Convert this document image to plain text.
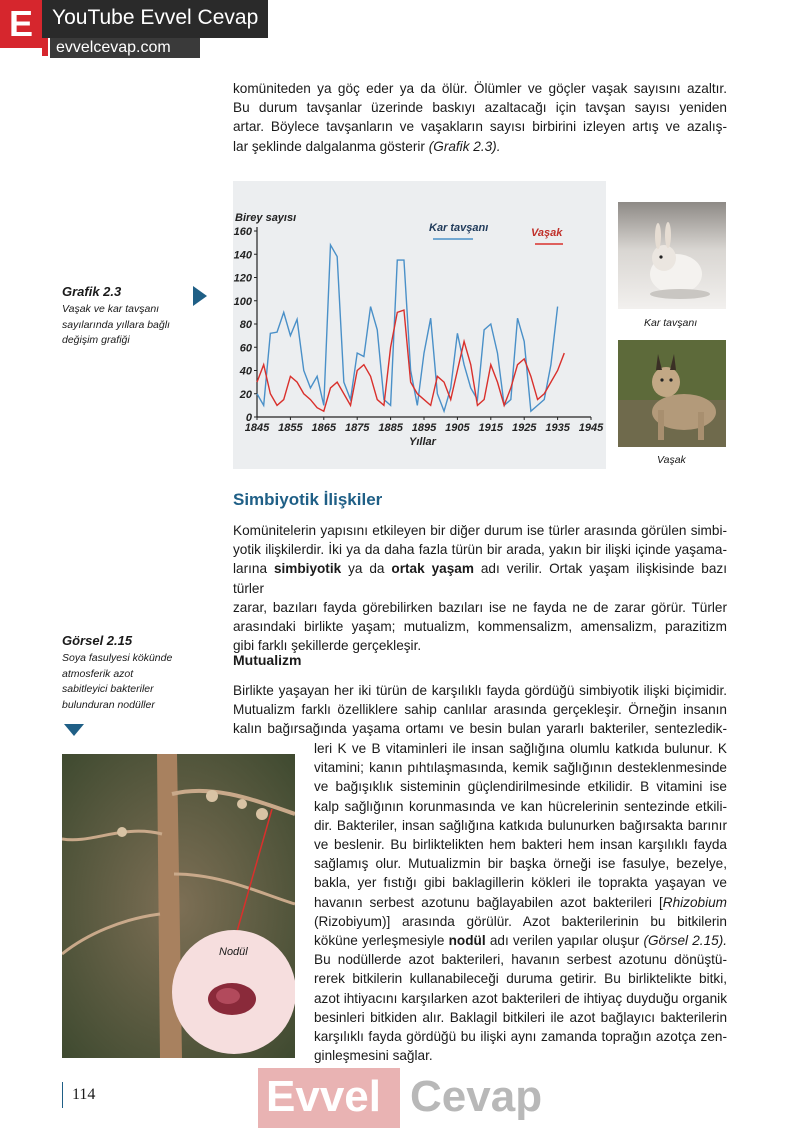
E YouTube Evvel Cevap
evvelcevap.com
komüniteden ya göç eder ya da ölür. Ölümler ve göçler vaşak sayısını azaltır.
Bu durum tavşanlar üzerinde baskıyı azaltacağı için tavşan sayısı yeniden
artar. Böylece tavşanların ve vaşakların sayısı birbirini izleyen artış ve azalış-
lar şeklinde dalgalanma gösterir (Grafik 2.3).
Grafik 2.3
Vaşak ve kar tavşanı
sayılarında yıllara bağlı
değişim grafiği
0
20
40
60
80
100
120
140
160
1845 1855 1865 1875 1885 1895 1905 1915 1925 1935 1945
Birey sayısı
Yıllar
Kar tavşanı	Vaşak
Kar tavşanı
Vaşak
Simbiyotik İlişkiler
Komünitelerin yapısını etkileyen bir diğer durum ise türler arasında görülen simbi-
yotik ilişkilerdir. İki ya da daha fazla türün bir arada, yakın bir ilişki içinde yaşama-
larına simbiyotik ya da ortak yaşam adı verilir. Ortak yaşam ilişkisinde bazı türler
zarar, bazıları fayda görebilirken bazıları ise ne fayda ne de zarar görür. Türler
arasındaki birlikte yaşam; mutualizm, kommensalizm, amensalizm, parazitizm
gibi farklı şekillerde gerçekleşir.
Mutualizm
Görsel 2.15
Soya fasulyesi kökünde
atmosferik azot
sabitleyici bakteriler
bulunduran nodüller
Birlikte yaşayan her iki türün de karşılıklı fayda gördüğü simbiyotik ilişki biçimidir.
Mutualizm farklı özelliklere sahip canlılar arasında gerçekleşir. Örneğin insanın
kalın bağırsağında yaşama ortamı ve besin bulan yararlı bakteriler, sentezledik-
leri K ve B vitaminleri ile insan sağlığına olumlu katkıda bulunur. K
vitamini; kanın pıhtılaşmasında, kemik sağlığının desteklenmesinde
ve bağışıklık sisteminin güçlendirilmesinde etkilidir. B vitamini ise
kalp sağlığının korunmasında ve kan hücrelerinin sentezinde etkili-
dir. Bakteriler, insan sağlığına katkıda bulunurken bağırsakta barınır
ve beslenir. Bu birliktelikten hem bakteri hem insan karşılıklı fayda
sağlamış olur. Mutualizmin bir başka örneği ise fasulye, bezelye,
bakla, yer fıstığı gibi baklagillerin kökleri ile toprakta yaşayan ve
havanın serbest azotunu bağlayabilen azot bakterileri [Rhizobium
(Rizobiyum)] arasında görülür. Azot bakterilerinin bu bitkilerin
köküne yerleşmesiyle nodül adı verilen yapılar oluşur (Görsel 2.15).
Bu nodüllerde azot bakterileri, havanın serbest azotunu dönüştü-
rerek bitkilerin kullanabileceği duruma getirir. Bu birliktelikte bitki,
azot ihtiyacını karşılarken azot bakterileri de ihtiyaç duyduğu organik
besinleri bitkiden alır. Baklagil bitkileri ile azot bağlayıcı bakterilerin
karşılıklı fayda gördüğü bu ilişki aynı zamanda toprağın azotça zen-
ginleşmesini sağlar.
Nodül
114	Evvel Cevap
